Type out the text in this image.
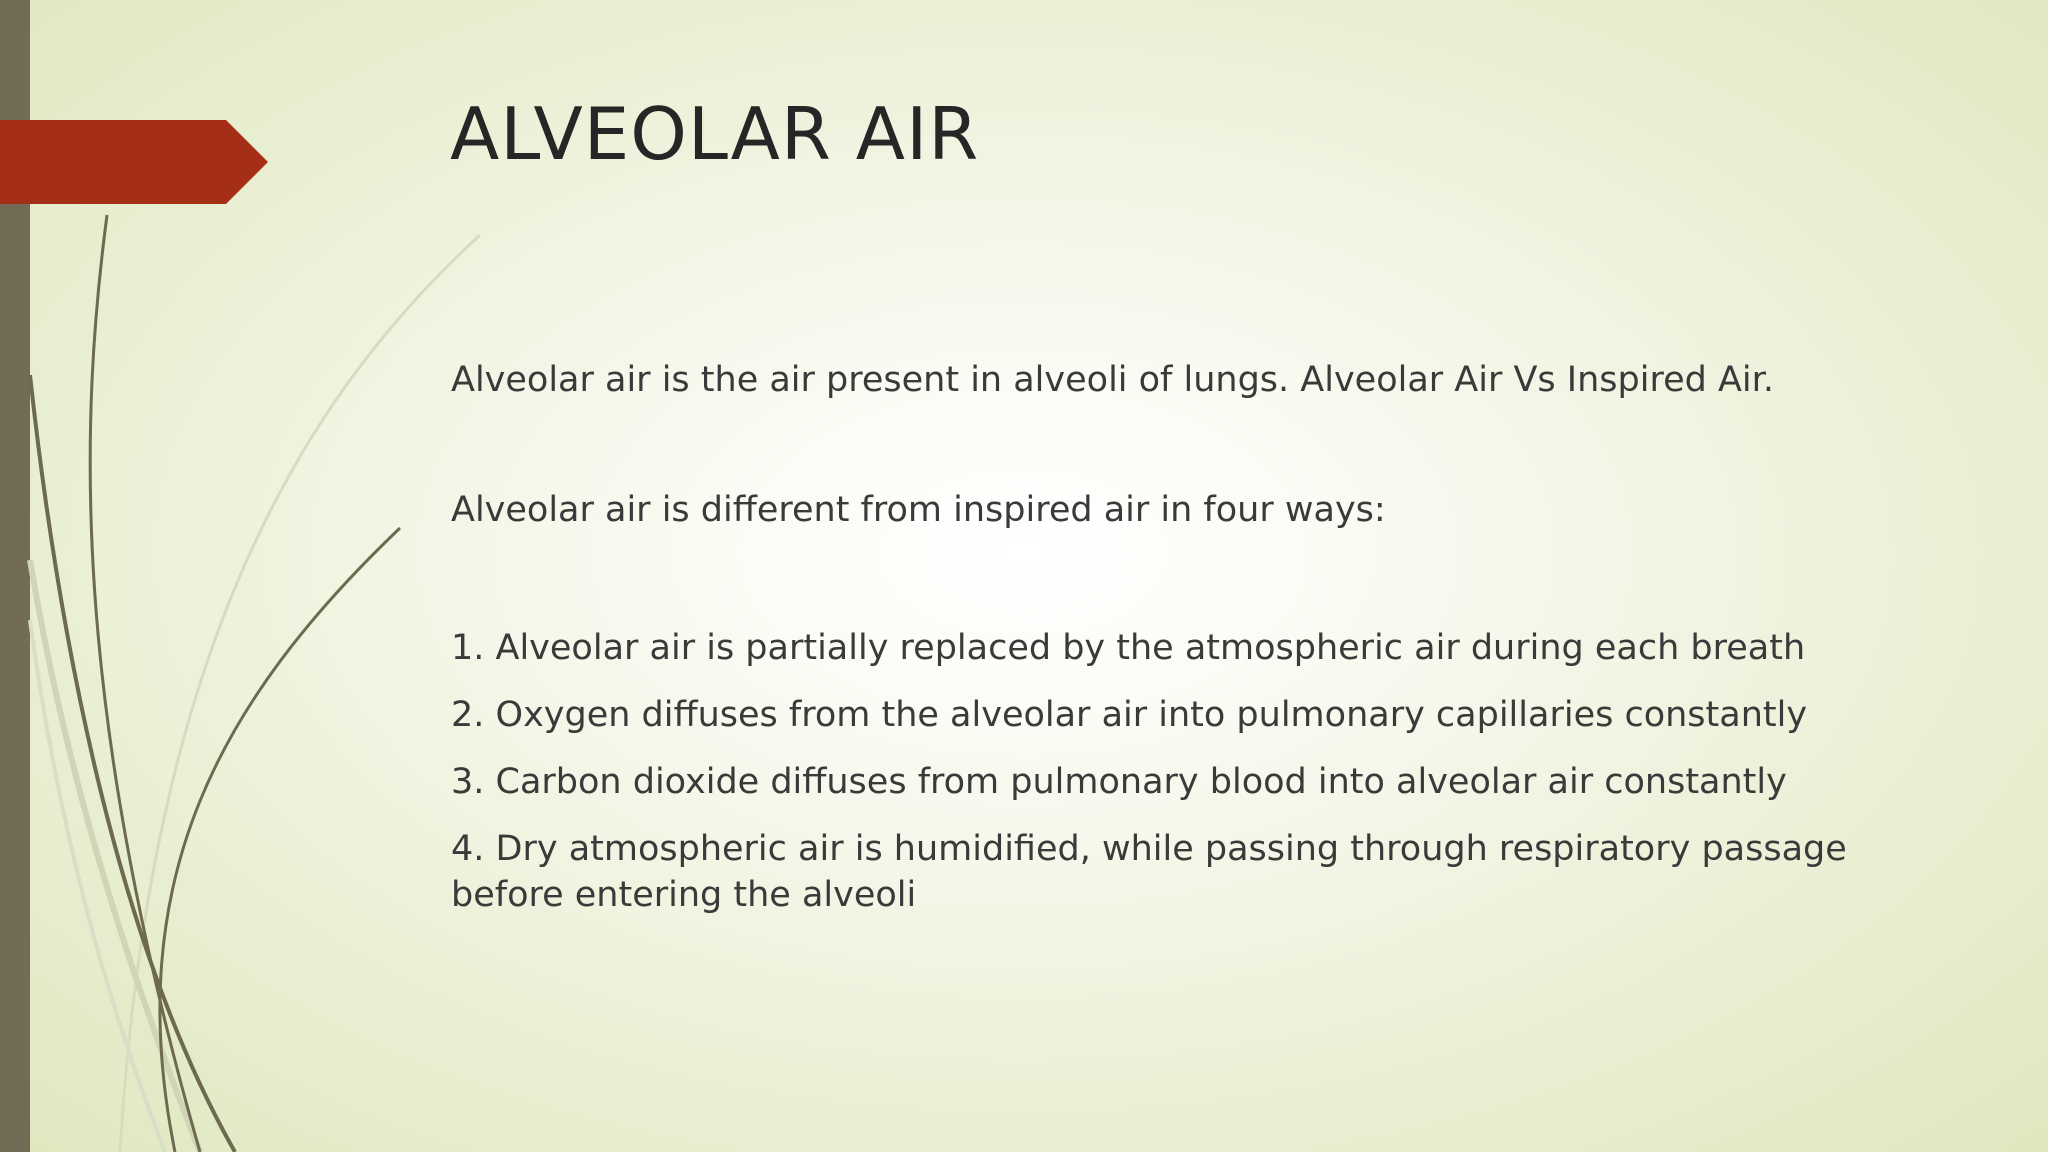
ALVEOLAR AIR

Alveolar air is the air present in alveoli of lungs. Alveolar Air Vs Inspired Air.

Alveolar air is different from inspired air in four ways:

1. Alveolar air is partially replaced by the atmospheric air during each breath
2. Oxygen diffuses from the alveolar air into pulmonary capillaries constantly
3. Carbon dioxide diffuses from pulmonary blood into alveolar air constantly
4. Dry atmospheric air is humidified, while passing through respiratory passage before entering the alveoli
